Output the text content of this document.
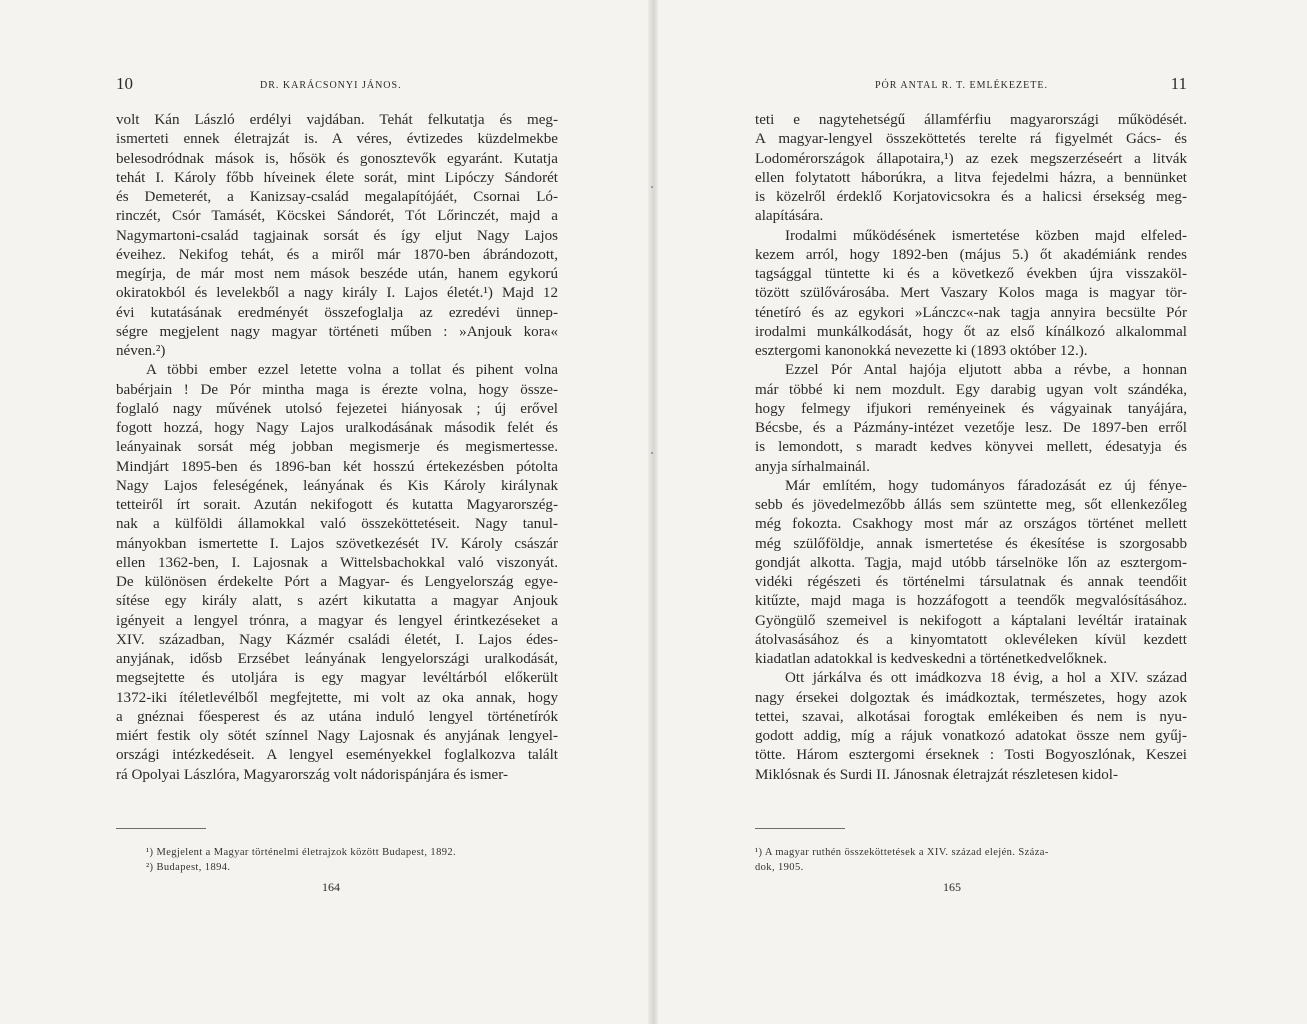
10	DR. KARÁCSONYI JÁNOS.
volt Kán László erdélyi vajdában. Tehát felkutatja és meg-
ismerteti ennek életrajzát is. A véres, évtizedes küzdelmekbe
belesodródnak mások is, hősök és gonosztevők egyaránt. Kutatja
tehát I. Károly főbb híveinek élete sorát, mint Lipóczy Sándorét
és Demeterét, a Kanizsay-család megalapítójáét, Csornai Ló-
rinczét, Csór Tamásét, Köcskei Sándorét, Tót Lőrinczét, majd a
Nagymartoni-család tagjainak sorsát és így eljut Nagy Lajos
éveihez. Nekifog tehát, és a miről már 1870-ben ábrándozott,
megírja, de már most nem mások beszéde után, hanem egykorú
okiratokból és levelekből a nagy király I. Lajos életét.¹) Majd 12
évi kutatásának eredményét összefoglalja az ezredévi ünnep-
ségre megjelent nagy magyar történeti műben : »Anjouk kora«
néven.²)
A többi ember ezzel letette volna a tollat és pihent volna
babérjain ! De Pór mintha maga is érezte volna, hogy össze-
foglaló nagy művének utolsó fejezetei hiányosak ; új erővel
fogott hozzá, hogy Nagy Lajos uralkodásának második felét és
leányainak sorsát még jobban megismerje és megismertesse.
Mindjárt 1895-ben és 1896-ban két hosszú értekezésben pótolta
Nagy Lajos feleségének, leányának és Kis Károly királynak
tetteiről írt sorait. Azután nekifogott és kutatta Magyarorszég-
nak a külföldi államokkal való összeköttetéseit. Nagy tanul-
mányokban ismertette I. Lajos szövetkezését IV. Károly császár
ellen 1362-ben, I. Lajosnak a Wittelsbachokkal való viszonyát.
De különösen érdekelte Pórt a Magyar- és Lengyelország egye-
sítése egy király alatt, s azért kikutatta a magyar Anjouk
igényeit a lengyel trónra, a magyar és lengyel érintkezéseket a
XIV. században, Nagy Kázmér családi életét, I. Lajos édes-
anyjának, idősb Erzsébet leányának lengyelországi uralkodását,
megsejtette és utoljára is egy magyar levéltárból előkerült
1372-iki ítéletlevélből megfejtette, mi volt az oka annak, hogy
a gnéznai főesperest és az utána induló lengyel történetírók
miért festik oly sötét színnel Nagy Lajosnak és anyjának lengyel-
országi intézkedéseit. A lengyel eseményekkel foglalkozva talált
rá Opolyai Lászlóra, Magyarország volt nádorispánjára és ismer-
¹) Megjelent a Magyar történelmi életrajzok között Budapest, 1892.
²) Budapest, 1894.
164
PÓR ANTAL R. T. EMLÉKEZETE.	11
teti e nagytehetségű államférfiu magyarországi működését.
A magyar-lengyel összeköttetés terelte rá figyelmét Gács- és
Lodomérországok állapotaira,¹) az ezek megszerzéseért a litvák
ellen folytatott háborúkra, a litva fejedelmi házra, a bennünket
is közelről érdeklő Korjatovicsokra és a halicsi érsekség meg-
alapítására.
Irodalmi működésének ismertetése közben majd elfeled-
kezem arról, hogy 1892-ben (május 5.) őt akadémiánk rendes
tagsággal tüntette ki és a következő években újra visszaköl-
tözött szülővárosába. Mert Vaszary Kolos maga is magyar tör-
ténetíró és az egykori »Lánczc«-nak tagja annyira becsülte Pór
irodalmi munkálkodását, hogy őt az első kínálkozó alkalommal
esztergomi kanonokká nevezette ki (1893 október 12.).
Ezzel Pór Antal hajója eljutott abba a révbe, a honnan
már többé ki nem mozdult. Egy darabig ugyan volt szándéka,
hogy felmegy ifjukori reményeinek és vágyainak tanyájára,
Bécsbe, és a Pázmány-intézet vezetője lesz. De 1897-ben erről
is lemondott, s maradt kedves könyvei mellett, édesatyja és
anyja sírhalmainál.
Már említém, hogy tudományos fáradozását ez új fénye-
sebb és jövedelmezőbb állás sem szüntette meg, sőt ellenkezőleg
még fokozta. Csakhogy most már az országos történet mellett
még szülőföldje, annak ismertetése és ékesítése is szorgosabb
gondját alkotta. Tagja, majd utóbb társelnöke lőn az esztergom-
vidéki régészeti és történelmi társulatnak és annak teendőit
kitűzte, majd maga is hozzáfogott a teendők megvalósításához.
Gyöngülő szemeivel is nekifogott a káptalani levéltár iratainak
átolvasásához és a kinyomtatott oklevéleken kívül kezdett
kiadatlan adatokkal is kedveskedni a történetkedvelőknek.
Ott járkálva és ott imádkozva 18 évig, a hol a XIV. század
nagy érsekei dolgoztak és imádkoztak, természetes, hogy azok
tettei, szavai, alkotásai forogtak emlékeiben és nem is nyu-
godott addig, míg a rájuk vonatkozó adatokat össze nem gyűj-
tötte. Három esztergomi érseknek : Tosti Bogyoszlónak, Keszei
Miklósnak és Surdi II. Jánosnak életrajzát részletesen kidol-
¹) A magyar ruthén összeköttetések a XIV. század elején. Száza-
dok, 1905.
165
